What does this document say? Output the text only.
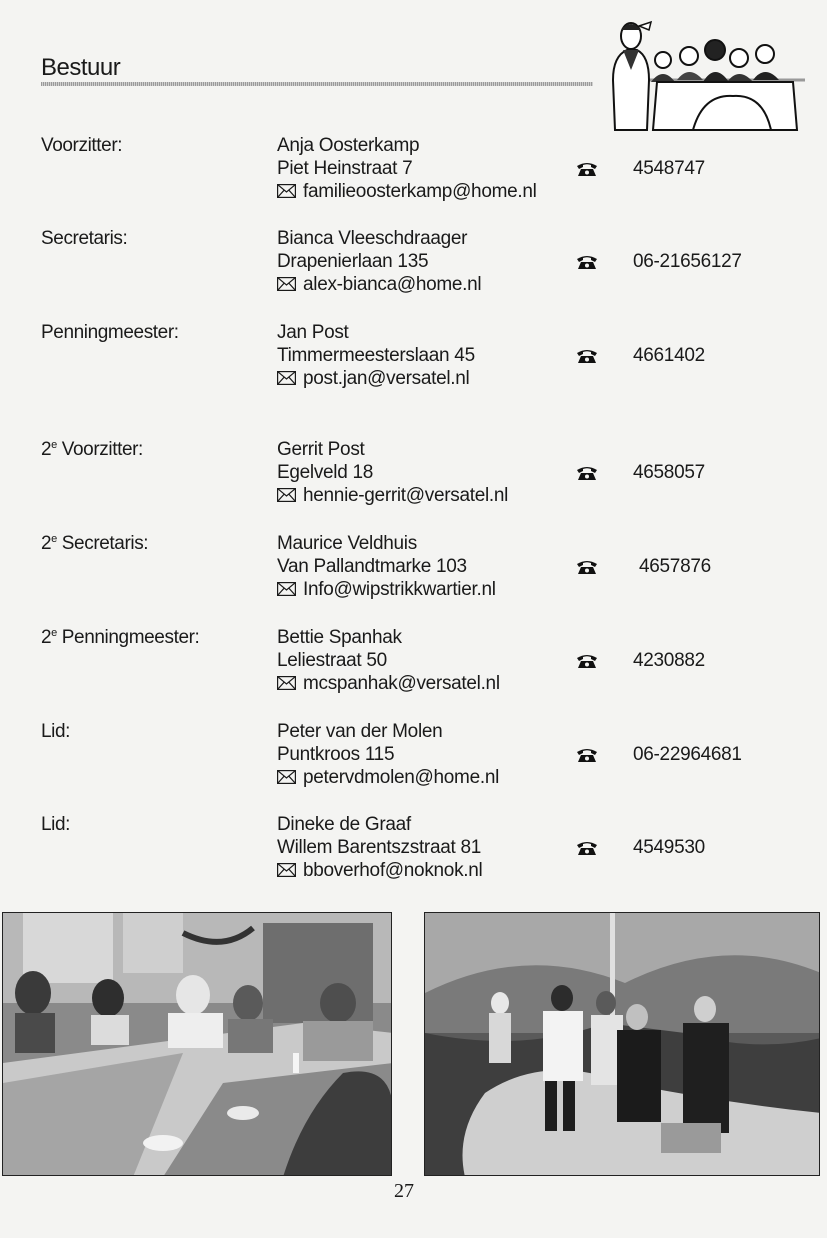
Bestuur
Voorzitter:	Anja Oosterkamp
Piet Heinstraat 7
familieoosterkamp@home.nl
4548747
Secretaris:	Bianca Vleeschdraager
Drapenierlaan 135
alex-bianca@home.nl
06-21656127
Penningmeester:	Jan Post
Timmermeesterslaan 45
post.jan@versatel.nl
4661402
2e Voorzitter:	Gerrit Post
Egelveld 18
hennie-gerrit@versatel.nl
4658057
2e Secretaris:	Maurice Veldhuis
Van Pallandtmarke 103
Info@wipstrikkwartier.nl
4657876
2e Penningmeester:	Bettie Spanhak
Leliestraat 50
mcspanhak@versatel.nl
4230882
Lid:	Peter van der Molen
Puntkroos 115
petervdmolen@home.nl
06-22964681
Lid:	Dineke de Graaf
Willem Barentszstraat 81
bboverhof@noknok.nl
4549530
27
